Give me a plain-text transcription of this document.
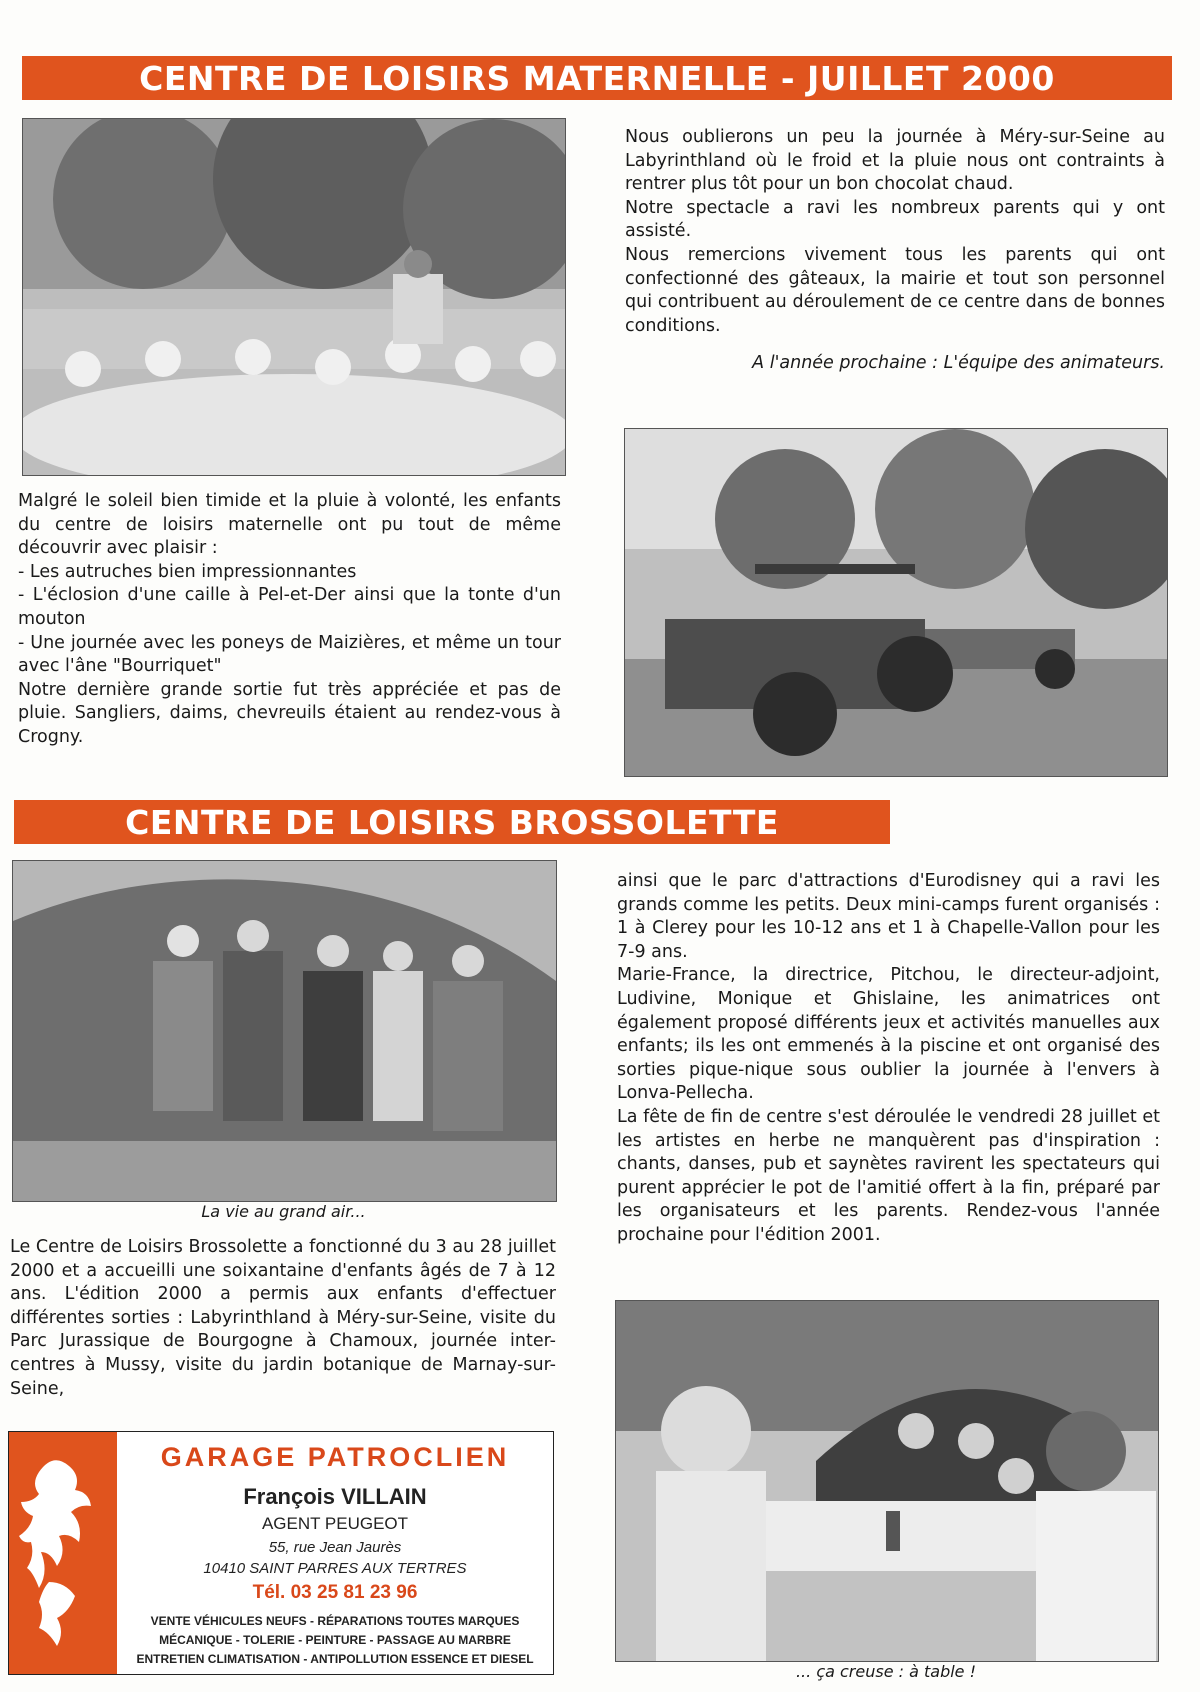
CENTRE DE LOISIRS MATERNELLE - JUILLET 2000

Malgré le soleil bien timide et la pluie à volonté, les enfants du centre de loisirs maternelle ont pu tout de même découvrir avec plaisir :

- Les autruches bien impressionnantes

- L'éclosion d'une caille à Pel-et-Der ainsi que la tonte d'un mouton

- Une journée avec les poneys de Maizières, et même un tour avec l'âne "Bourriquet"

Notre dernière grande sortie fut très appréciée et pas de pluie. Sangliers, daims, chevreuils étaient au rendez-vous à Crogny.

Nous oublierons un peu la journée à Méry-sur-Seine au Labyrinthland où le froid et la pluie nous ont contraints à rentrer plus tôt pour un bon chocolat chaud.

Notre spectacle a ravi les nombreux parents qui y ont assisté.

Nous remercions vivement tous les parents qui ont confectionné des gâteaux, la mairie et tout son personnel qui contribuent au déroulement de ce centre dans de bonnes conditions.

A l'année prochaine : L'équipe des animateurs.

CENTRE DE LOISIRS BROSSOLETTE
La vie au grand air...

Le Centre de Loisirs Brossolette a fonctionné du 3 au 28 juillet 2000 et a accueilli une soixantaine d'enfants âgés de 7 à 12 ans. L'édition 2000 a permis aux enfants d'effectuer différentes sorties : Labyrinthland à Méry-sur-Seine, visite du Parc Jurassique de Bourgogne à Chamoux, journée inter-centres à Mussy, visite du jardin botanique de Marnay-sur-Seine,

ainsi que le parc d'attractions d'Eurodisney qui a ravi les grands comme les petits. Deux mini-camps furent organisés : 1 à Clerey pour les 10-12 ans et 1 à Chapelle-Vallon pour les 7-9 ans.

Marie-France, la directrice, Pitchou, le directeur-adjoint, Ludivine, Monique et Ghislaine, les animatrices ont également proposé différents jeux et activités manuelles aux enfants; ils les ont emmenés à la piscine et ont organisé des sorties pique-nique sous oublier la journée à l'envers à Lonva-Pellecha.

La fête de fin de centre s'est déroulée le vendredi 28 juillet et les artistes en herbe ne manquèrent pas d'inspiration : chants, danses, pub et saynètes ravirent les spectateurs qui purent apprécier le pot de l'amitié offert à la fin, préparé par les organisateurs et les parents. Rendez-vous l'année prochaine pour l'édition 2001.

... ça creuse : à table !
GARAGE PATROCLIEN
François VILLAIN
AGENT PEUGEOT
55, rue Jean Jaurès
10410 SAINT PARRES AUX TERTRES
Tél. 03 25 81 23 96
VENTE VÉHICULES NEUFS - RÉPARATIONS TOUTES MARQUES
MÉCANIQUE - TOLERIE - PEINTURE - PASSAGE AU MARBRE
ENTRETIEN CLIMATISATION - ANTIPOLLUTION ESSENCE ET DIESEL
